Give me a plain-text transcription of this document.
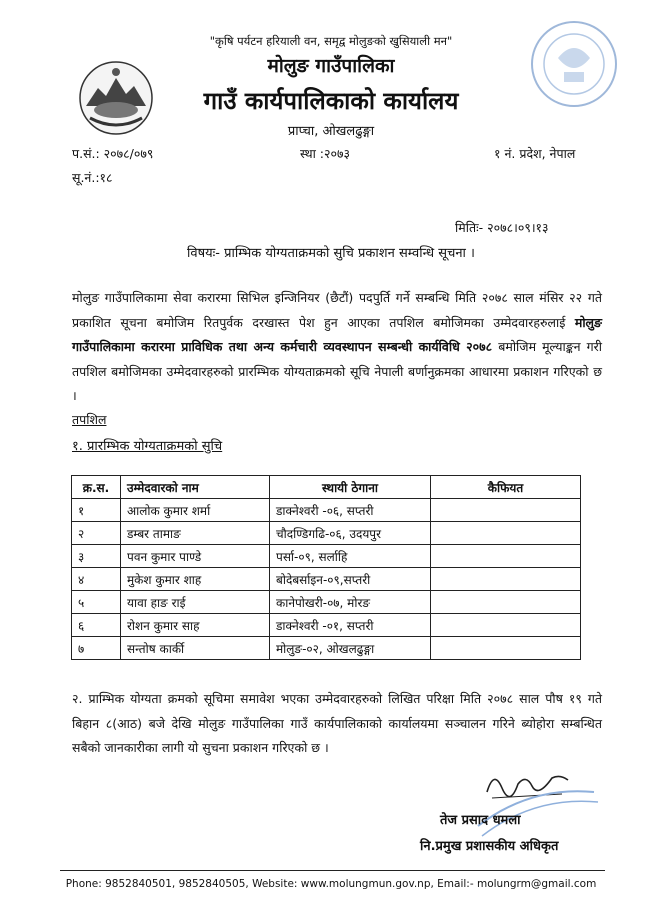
"कृषि पर्यटन हरियाली वन, समृद्व मोलुङको खुसियाली मन"
मोलुङ गाउँपालिका
गाउँ कार्यपालिकाको कार्यालय
प्राप्चा, ओखलढुङ्गा
प.सं.: २०७८/०७९
सू.नं.:१८
स्था :२०७३	१ नं. प्रदेश, नेपाल
मितिः- २०७८।०९।१३
विषयः- प्राम्भिक योग्यताक्रमको सुचि प्रकाशन सम्वन्धि सूचना ।
मोलुङ गाउँपालिकामा सेवा करारमा सिभिल इन्जिनियर (छैटौं) पदपुर्ति गर्ने सम्बन्धि मिति २०७८ साल मंसिर २२ गते प्रकाशित सूचना बमोजिम रितपुर्वक दरखास्त पेश हुन आएका तपशिल बमोजिमका उम्मेदवारहरुलाई मोलुङ गाउँपालिकामा करारमा प्राविधिक तथा अन्य कर्मचारी व्यवस्थापन सम्बन्धी कार्यविधि २०७८ बमोजिम मूल्याङ्कन गरी तपशिल बमोजिमका उम्मेदवारहरुको प्रारम्भिक योग्यताक्रमको सूचि नेपाली बर्णानुक्रमका आधारमा प्रकाशन गरिएको छ ।
तपशिल
१. प्रारम्भिक योग्यताक्रमको सुचि
क्र.स.	उम्मेदवारको नाम	स्थायी ठेगाना	कैफियत
१	आलोक कुमार शर्मा	डाक्नेश्वरी -०६, सप्तरी	
२	डम्बर तामाङ	चौदण्डिगढि-०६, उदयपुर	
३	पवन कुमार पाण्डे	पर्सा-०९, सर्लाहि	
४	मुकेश कुमार शाह	बोदेबर्साइन-०९,सप्तरी	
५	यावा हाङ राई	कानेपोखरी-०७, मोरङ	
६	रोशन कुमार साह	डाक्नेश्वरी -०१, सप्तरी	
७	सन्तोष कार्की	मोलुङ-०२, ओखलढुङ्गा	
२. प्राम्भिक योग्यता क्रमको सूचिमा समावेश भएका उम्मेदवारहरुको लिखित परिक्षा मिति २०७८ साल पौष १९ गते बिहान ८(आठ) बजे देखि मोलुङ गाउँपालिका गाउँ कार्यपालिकाको कार्यालयमा सञ्चालन गरिने ब्योहोरा सम्बन्धित सबैको जानकारीका लागी यो सुचना प्रकाशन गरिएको छ ।
तेज प्रसाद धमला
नि.प्रमुख प्रशासकीय अधिकृत
Phone: 9852840501, 9852840505, Website: www.molungmun.gov.np, Email:- molungrm@gmail.com
